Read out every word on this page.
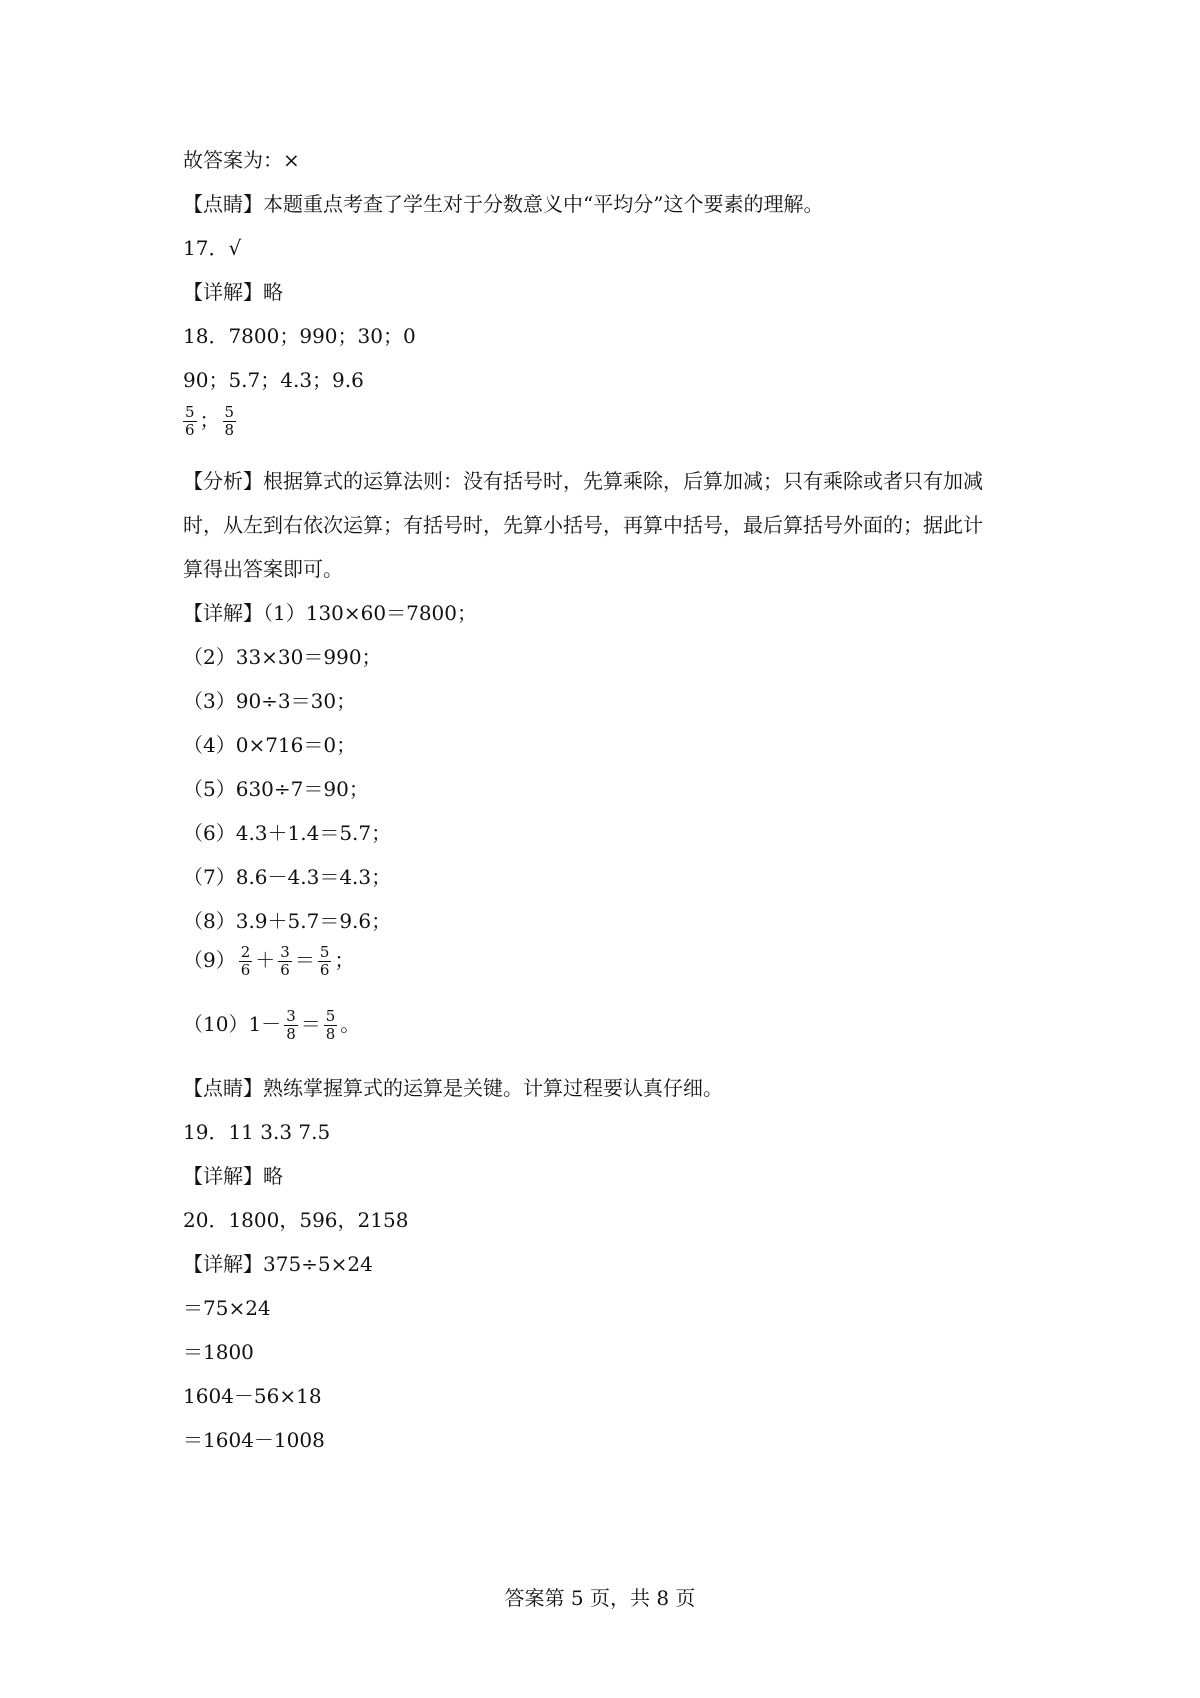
故答案为：×
【点睛】本题重点考查了学生对于分数意义中“平均分”这个要素的理解。
17．√
【详解】略
18．7800；990；30；0
90；5.7；4.3；9.6
$\frac{5}{6}$ ； $\frac{5}{8}$
【分析】根据算式的运算法则：没有括号时，先算乘除，后算加减；只有乘除或者只有加减
时，从左到右依次运算；有括号时，先算小括号，再算中括号，最后算括号外面的；据此计
算得出答案即可。
【详解】（1）130×60＝7800；
（2）33×30＝990；
（3）90÷3＝30；
（4）0×716＝0；
（5）630÷7＝90；
（6）4.3＋1.4＝5.7；
（7）8.6－4.3＝4.3；
（8）3.9＋5.7＝9.6；
$(9) \frac{2}{6} + \frac{3}{6} = \frac{5}{6}$ ；
$(10)1- \frac{3}{8} = \frac{5}{8}$ 。
【点睛】熟练掌握算式的运算是关键。计算过程要认真仔细。
19．11 3.3 7.5
【详解】略
20．1800，596，2158
【详解】375÷5×24
＝75×24
＝1800
1604－56×18
＝1604－1008
答案第 5 页，共 8 页
